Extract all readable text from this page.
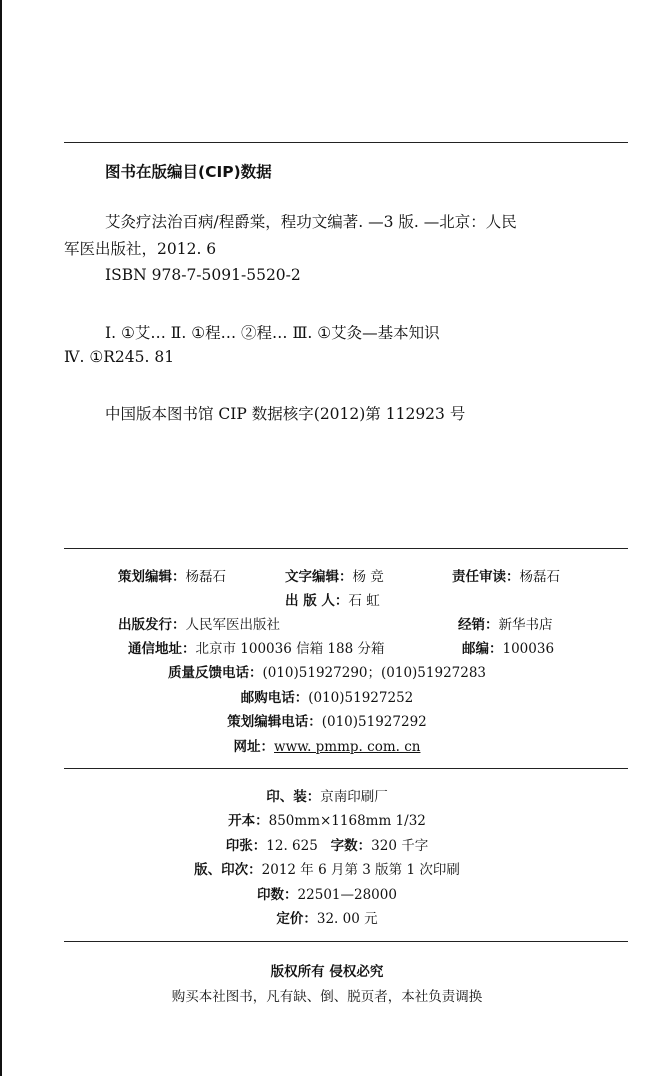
图书在版编目(CIP)数据
艾灸疗法治百病/程爵棠，程功文编著. —3 版. —北京：人民
军医出版社，2012. 6
ISBN 978-7-5091-5520-2
Ⅰ. ①艾… Ⅱ. ①程… ②程… Ⅲ. ①艾灸—基本知识
Ⅳ. ①R245. 81
中国版本图书馆 CIP 数据核字(2012)第 112923 号
策划编辑：杨磊石	文字编辑：杨 竞	责任审读：杨磊石
出 版 人：石 虹
出版发行：人民军医出版社	经销：新华书店
通信地址：北京市 100036 信箱 188 分箱	邮编：100036
质量反馈电话：(010)51927290；(010)51927283
邮购电话：(010)51927252
策划编辑电话：(010)51927292
网址：www. pmmp. com. cn
印、装：京南印刷厂
开本：850mm×1168mm 1/32
印张：12. 625 字数：320 千字
版、印次：2012 年 6 月第 3 版第 1 次印刷
印数：22501—28000
定价：32. 00 元
版权所有 侵权必究
购买本社图书，凡有缺、倒、脱页者，本社负责调换
